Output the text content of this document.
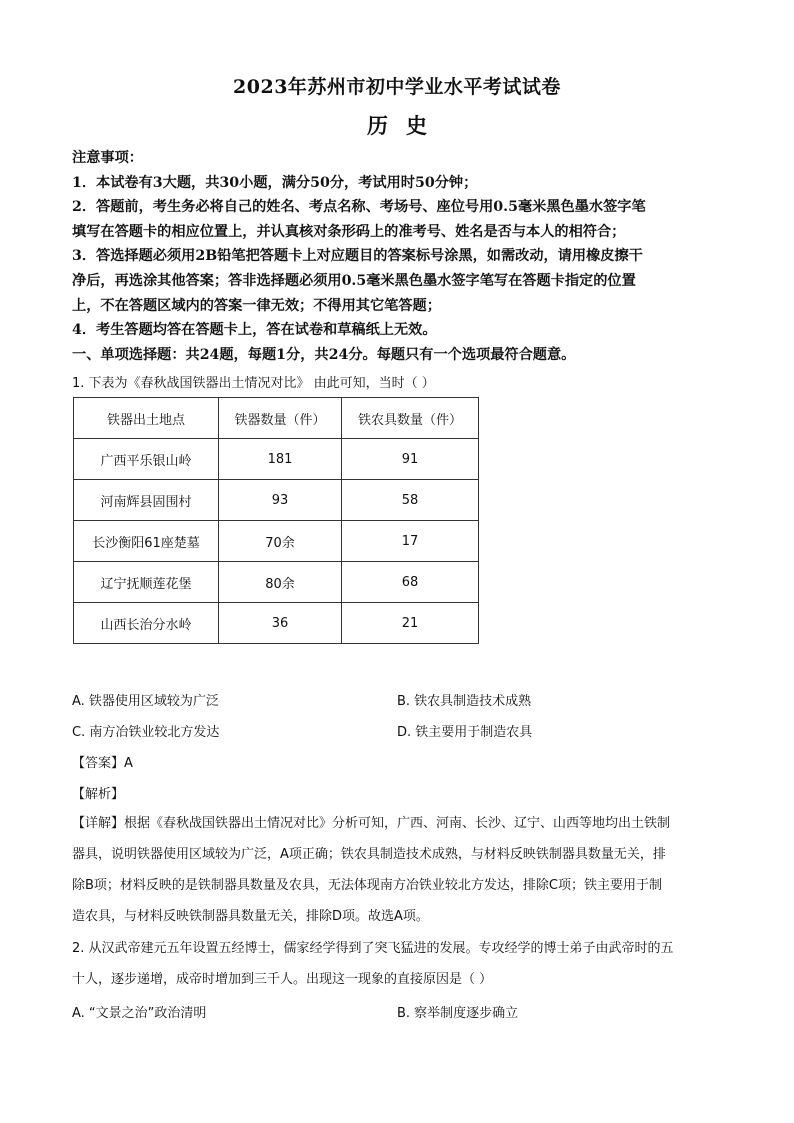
2023年苏州市初中学业水平考试试卷
历史
注意事项：
1．本试卷有3大题，共30小题，满分50分，考试用时50分钟；
2．答题前，考生务必将自己的姓名、考点名称、考场号、座位号用0.5毫米黑色墨水签字笔
填写在答题卡的相应位置上，并认真核对条形码上的准考号、姓名是否与本人的相符合；
3．答选择题必须用2B铅笔把答题卡上对应题目的答案标号涂黑，如需改动，请用橡皮擦干
净后，再选涂其他答案；答非选择题必须用0.5毫米黑色墨水签字笔写在答题卡指定的位置
上，不在答题区域内的答案一律无效；不得用其它笔答题；
4．考生答题均答在答题卡上，答在试卷和草稿纸上无效。
一、单项选择题：共24题，每题1分，共24分。每题只有一个选项最符合题意。
1. 下表为《春秋战国铁器出土情况对比》 由此可知，当时（ ）
铁器出土地点	铁器数量（件）	铁农具数量（件）
广西平乐银山岭	181	91
河南辉县固围村	93	58
长沙衡阳61座楚墓	70余	17
辽宁抚顺莲花堡	80余	68
山西长治分水岭	36	21
A. 铁器使用区域较为广泛	B. 铁农具制造技术成熟
C. 南方冶铁业较北方发达	D. 铁主要用于制造农具
【答案】A
【解析】
【详解】根据《春秋战国铁器出土情况对比》分析可知，广西、河南、长沙、辽宁、山西等地均出土铁制
器具，说明铁器使用区域较为广泛，A项正确；铁农具制造技术成熟，与材料反映铁制器具数量无关，排
除B项；材料反映的是铁制器具数量及农具，无法体现南方冶铁业较北方发达，排除C项；铁主要用于制
造农具，与材料反映铁制器具数量无关，排除D项。故选A项。
2. 从汉武帝建元五年设置五经博士，儒家经学得到了突飞猛进的发展。专攻经学的博士弟子由武帝时的五
十人，逐步递增，成帝时增加到三千人。出现这一现象的直接原因是（ ）
A. “文景之治”政治清明	B. 察举制度逐步确立
